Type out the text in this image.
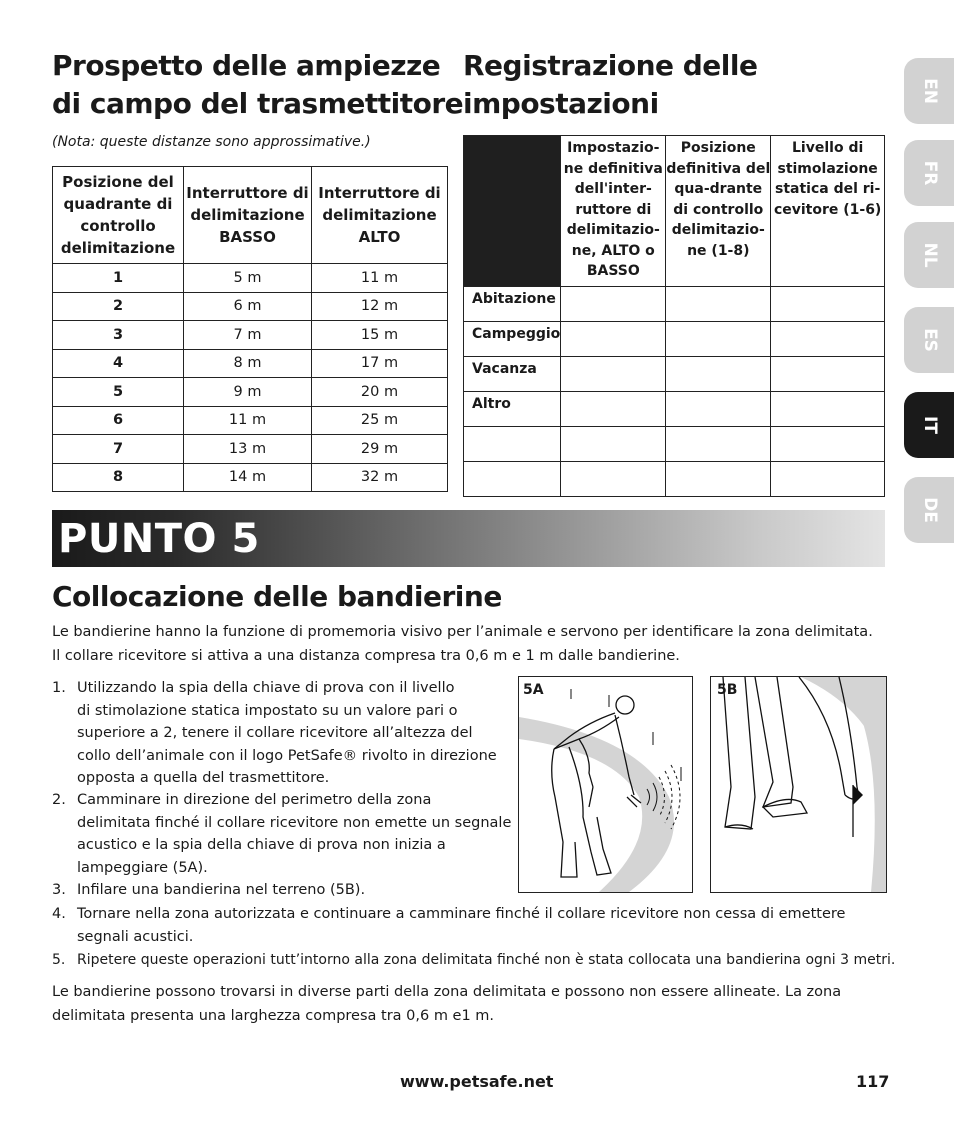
Prospetto delle ampiezze
di campo del trasmettitore
(Nota: queste distanze sono approssimative.)
Posizione del quadrante di controllo delimitazione	Interruttore di delimitazione BASSO	Interruttore di delimitazione ALTO
1	5 m	11 m
2	6 m	12 m
3	7 m	15 m
4	8 m	17 m
5	9 m	20 m
6	11 m	25 m
7	13 m	29 m
8	14 m	32 m
Registrazione delle
impostazioni
	Impostazio-ne definitiva dell'inter-ruttore di delimitazio-ne, ALTO o BASSO	Posizione definitiva del qua-drante di controllo delimitazio-ne (1-8)	Livello di stimolazione statica del ri-cevitore (1-6)
Abitazione			
Campeggio			
Vacanza			
Altro			

EN
FR
NL
ES
IT
DE
PUNTO 5
Collocazione delle bandierine

Le bandierine hanno la funzione di promemoria visivo per l’animale e servono per identificare la zona delimitata.

Il collare ricevitore si attiva a una distanza compresa tra 0,6 m e 1 m dalle bandierine.

1. Utilizzando la spia della chiave di prova con il livello
di stimolazione statica impostato su un valore pari o
superiore a 2, tenere il collare ricevitore all’altezza del
collo dell’animale con il logo PetSafe® rivolto in direzione
opposta a quella del trasmettitore.
2. Camminare in direzione del perimetro della zona
delimitata finché il collare ricevitore non emette un segnale
acustico e la spia della chiave di prova non inizia a
lampeggiare (5A).
3. Infilare una bandierina nel terreno (5B).
4. Tornare nella zona autorizzata e continuare a camminare finché il collare ricevitore non cessa di emettere
segnali acustici.
5. Ripetere queste operazioni tutt’intorno alla zona delimitata finché non è stata collocata una bandierina ogni 3 metri.
5A	5B

Le bandierine possono trovarsi in diverse parti della zona delimitata e possono non essere allineate. La zona

delimitata presenta una larghezza compresa tra 0,6 m e1 m.

www.petsafe.net	117
